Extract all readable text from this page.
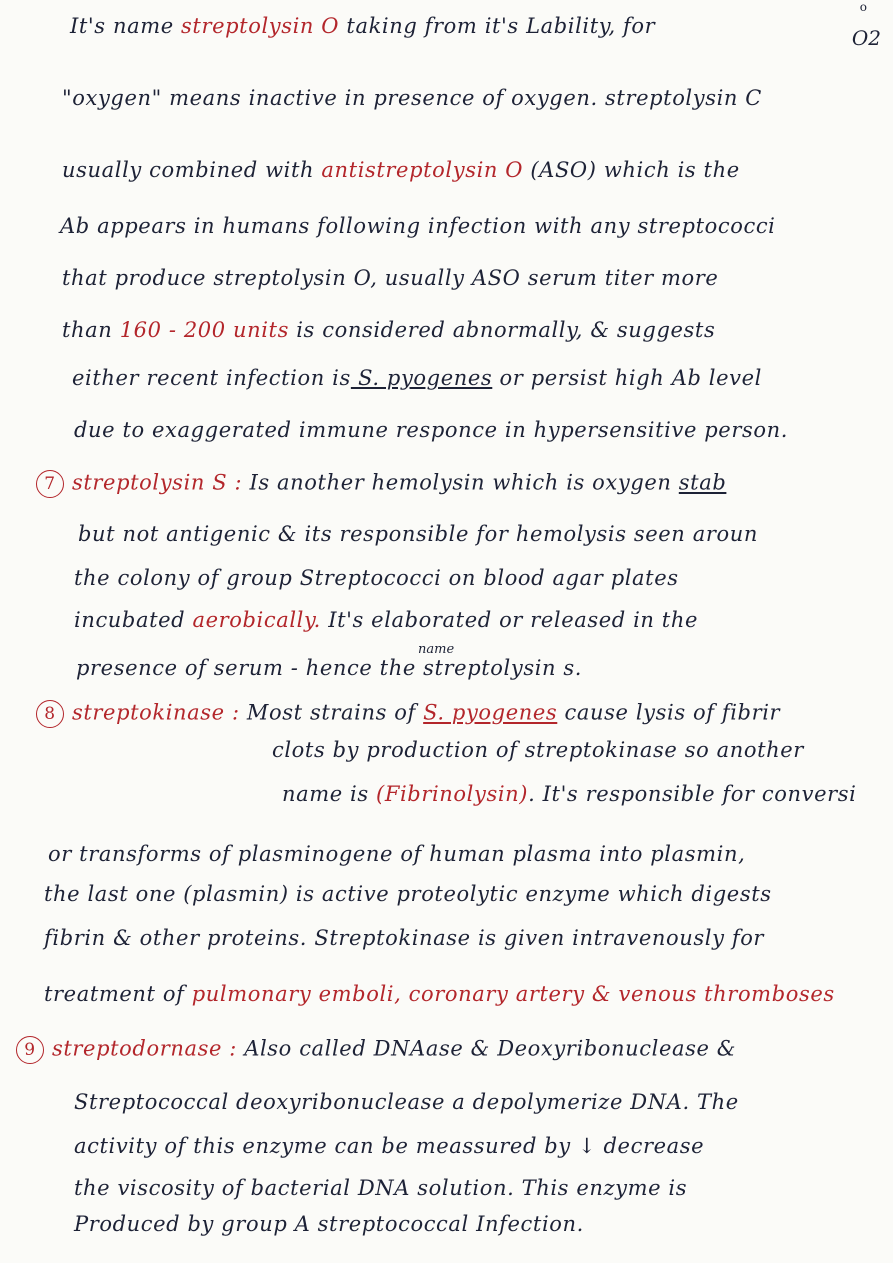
o
O2
It's name streptolysin O taking from it's Lability, for
"oxygen" means inactive in presence of oxygen. streptolysin C
usually combined with antistreptolysin O (ASO) which is the
Ab appears in humans following infection with any streptococci
that produce streptolysin O, usually ASO serum titer more
than 160 - 200 units is considered abnormally, & suggests
either recent infection is S. pyogenes or persist high Ab level
due to exaggerated immune responce in hypersensitive person.
7 streptolysin S : Is another hemolysin which is oxygen stab
but not antigenic & its responsible for hemolysis seen aroun
the colony of group Streptococci on blood agar plates
incubated aerobically. It's elaborated or released in the
name
presence of serum - hence the streptolysin s.
8 streptokinase : Most strains of S. pyogenes cause lysis of fibrir
clots by production of streptokinase so another
name is (Fibrinolysin). It's responsible for conversi
or transforms of plasminogene of human plasma into plasmin,
the last one (plasmin) is active proteolytic enzyme which digests
fibrin & other proteins. Streptokinase is given intravenously for
treatment of pulmonary emboli, coronary artery & venous thromboses
9 streptodornase : Also called DNAase & Deoxyribonuclease &
Streptococcal deoxyribonuclease a depolymerize DNA. The
activity of this enzyme can be meassured by ↓ decrease
the viscosity of bacterial DNA solution. This enzyme is
Produced by group A streptococcal Infection.
